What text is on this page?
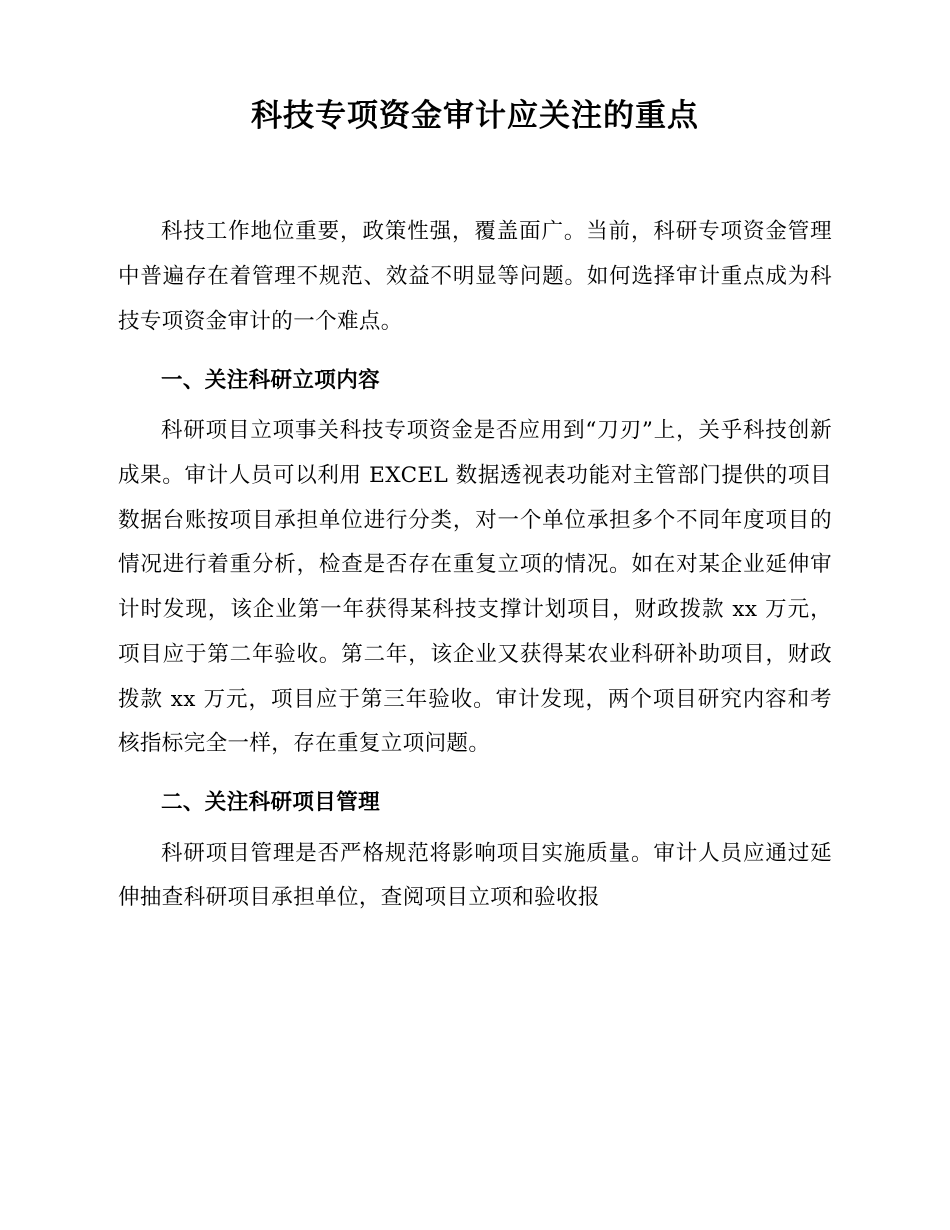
科技专项资金审计应关注的重点

科技工作地位重要，政策性强，覆盖面广。当前，科研专项资金管理中普遍存在着管理不规范、效益不明显等问题。如何选择审计重点成为科技专项资金审计的一个难点。

一、关注科研立项内容

科研项目立项事关科技专项资金是否应用到“刀刃”上，关乎科技创新成果。审计人员可以利用 EXCEL 数据透视表功能对主管部门提供的项目数据台账按项目承担单位进行分类，对一个单位承担多个不同年度项目的情况进行着重分析，检查是否存在重复立项的情况。如在对某企业延伸审计时发现，该企业第一年获得某科技支撑计划项目，财政拨款 xx 万元，项目应于第二年验收。第二年，该企业又获得某农业科研补助项目，财政拨款 xx 万元，项目应于第三年验收。审计发现，两个项目研究内容和考核指标完全一样，存在重复立项问题。

二、关注科研项目管理

科研项目管理是否严格规范将影响项目实施质量。审计人员应通过延伸抽查科研项目承担单位，查阅项目立项和验收报
